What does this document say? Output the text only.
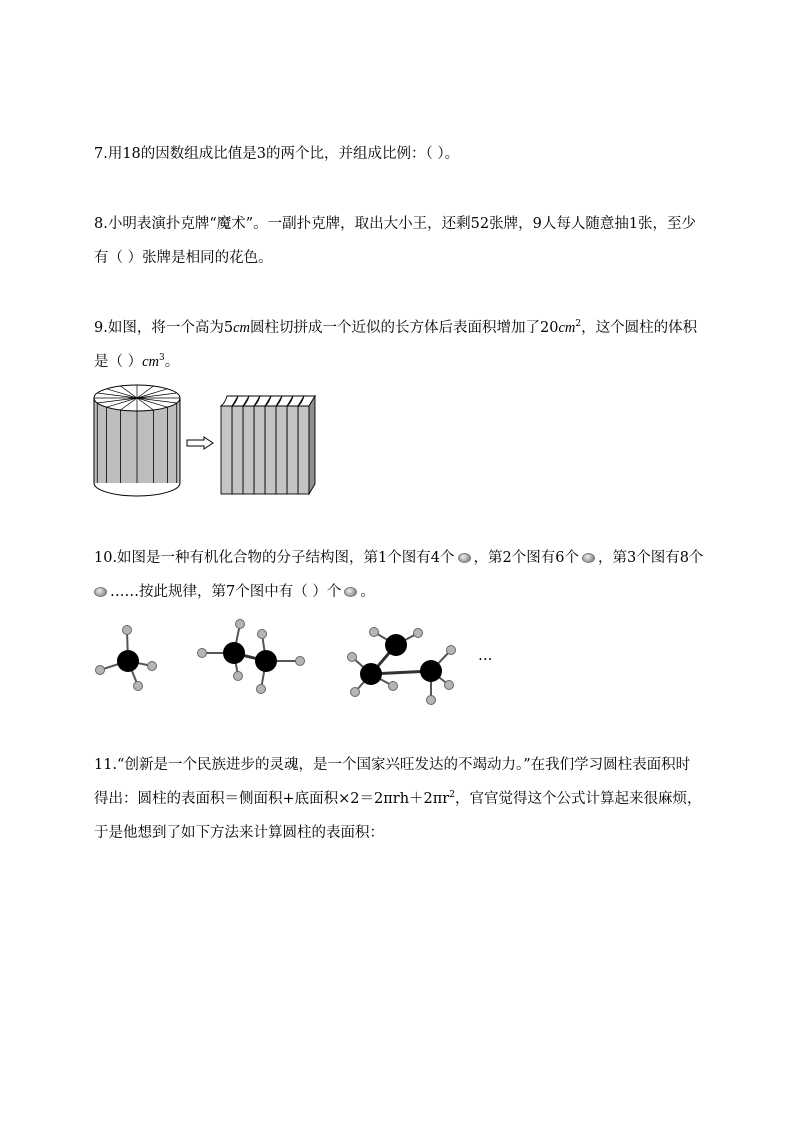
7.用18的因数组成比值是3的两个比，并组成比例：（ ）。
8.小明表演扑克牌“魔术”。一副扑克牌，取出大小王，还剩52张牌，9人每人随意抽1张，至少
有（ ）张牌是相同的花色。
9.如图，将一个高为5cm圆柱切拼成一个近似的长方体后表面积增加了$20cm^2$，这个圆柱的体积
是（ ）$cm^3$。
10.如图是一种有机化合物的分子结构图，第1个图有4个 ，第2个图有6个 ，第3个图有8个
……按此规律，第7个图中有（ ）个 。
…
11.“创新是一个民族进步的灵魂，是一个国家兴旺发达的不竭动力。”在我们学习圆柱表面积时
得出：圆柱的表面积＝侧面积+底面积$\times 2=2\pi rh+2\pi r^2$，官官觉得这个公式计算起来很麻烦，
于是他想到了如下方法来计算圆柱的表面积：
